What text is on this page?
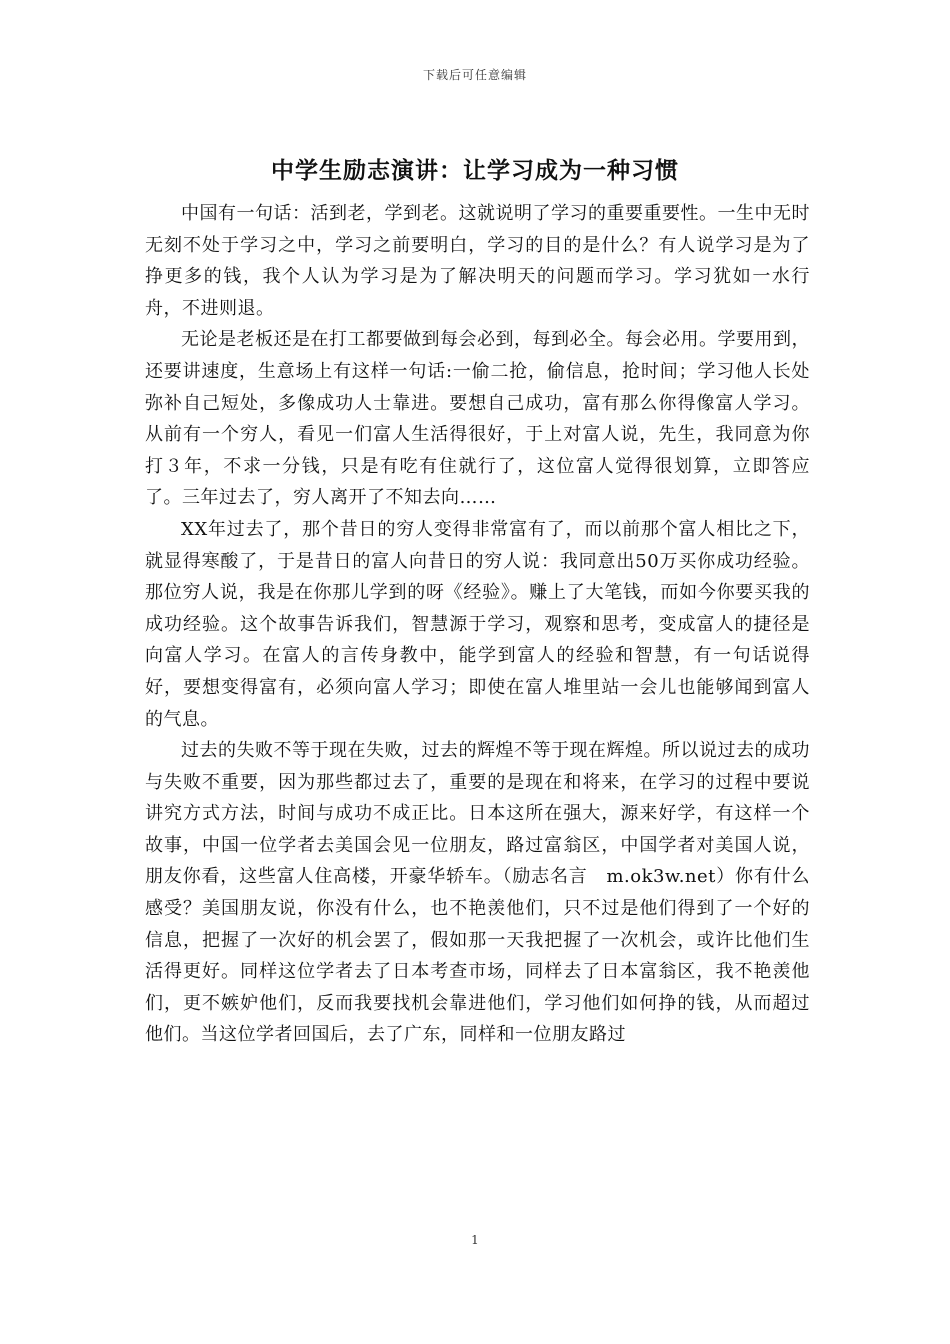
下载后可任意编辑
中学生励志演讲：让学习成为一种习惯

中国有一句话：活到老，学到老。这就说明了学习的重要重要性。一生中无时无刻不处于学习之中，学习之前要明白，学习的目的是什么？有人说学习是为了挣更多的钱，我个人认为学习是为了解决明天的问题而学习。学习犹如一水行舟，不进则退。

无论是老板还是在打工都要做到每会必到，每到必全。每会必用。学要用到，还要讲速度，生意场上有这样一句话:一偷二抢，偷信息，抢时间；学习他人长处弥补自己短处，多像成功人士靠进。要想自己成功，富有那么你得像富人学习。从前有一个穷人，看见一们富人生活得很好，于上对富人说，先生，我同意为你打３年，不求一分钱，只是有吃有住就行了，这位富人觉得很划算，立即答应了。三年过去了，穷人离开了不知去向……

XX年过去了，那个昔日的穷人变得非常富有了，而以前那个富人相比之下，就显得寒酸了，于是昔日的富人向昔日的穷人说：我同意出50万买你成功经验。那位穷人说，我是在你那儿学到的呀《经验》。赚上了大笔钱，而如今你要买我的成功经验。这个故事告诉我们，智慧源于学习，观察和思考，变成富人的捷径是向富人学习。在富人的言传身教中，能学到富人的经验和智慧，有一句话说得好，要想变得富有，必须向富人学习；即使在富人堆里站一会儿也能够闻到富人的气息。

过去的失败不等于现在失败，过去的辉煌不等于现在辉煌。所以说过去的成功与失败不重要，因为那些都过去了，重要的是现在和将来，在学习的过程中要说讲究方式方法，时间与成功不成正比。日本这所在强大，源来好学，有这样一个故事，中国一位学者去美国会见一位朋友，路过富翁区，中国学者对美国人说，朋友你看，这些富人住高楼，开豪华轿车。（励志名言　m.ok3w.net）你有什么感受？美国朋友说，你没有什么，也不艳羡他们，只不过是他们得到了一个好的信息，把握了一次好的机会罢了，假如那一天我把握了一次机会，或许比他们生活得更好。同样这位学者去了日本考查市场，同样去了日本富翁区，我不艳羡他们，更不嫉妒他们，反而我要找机会靠进他们，学习他们如何挣的钱，从而超过他们。当这位学者回国后，去了广东，同样和一位朋友路过

1
